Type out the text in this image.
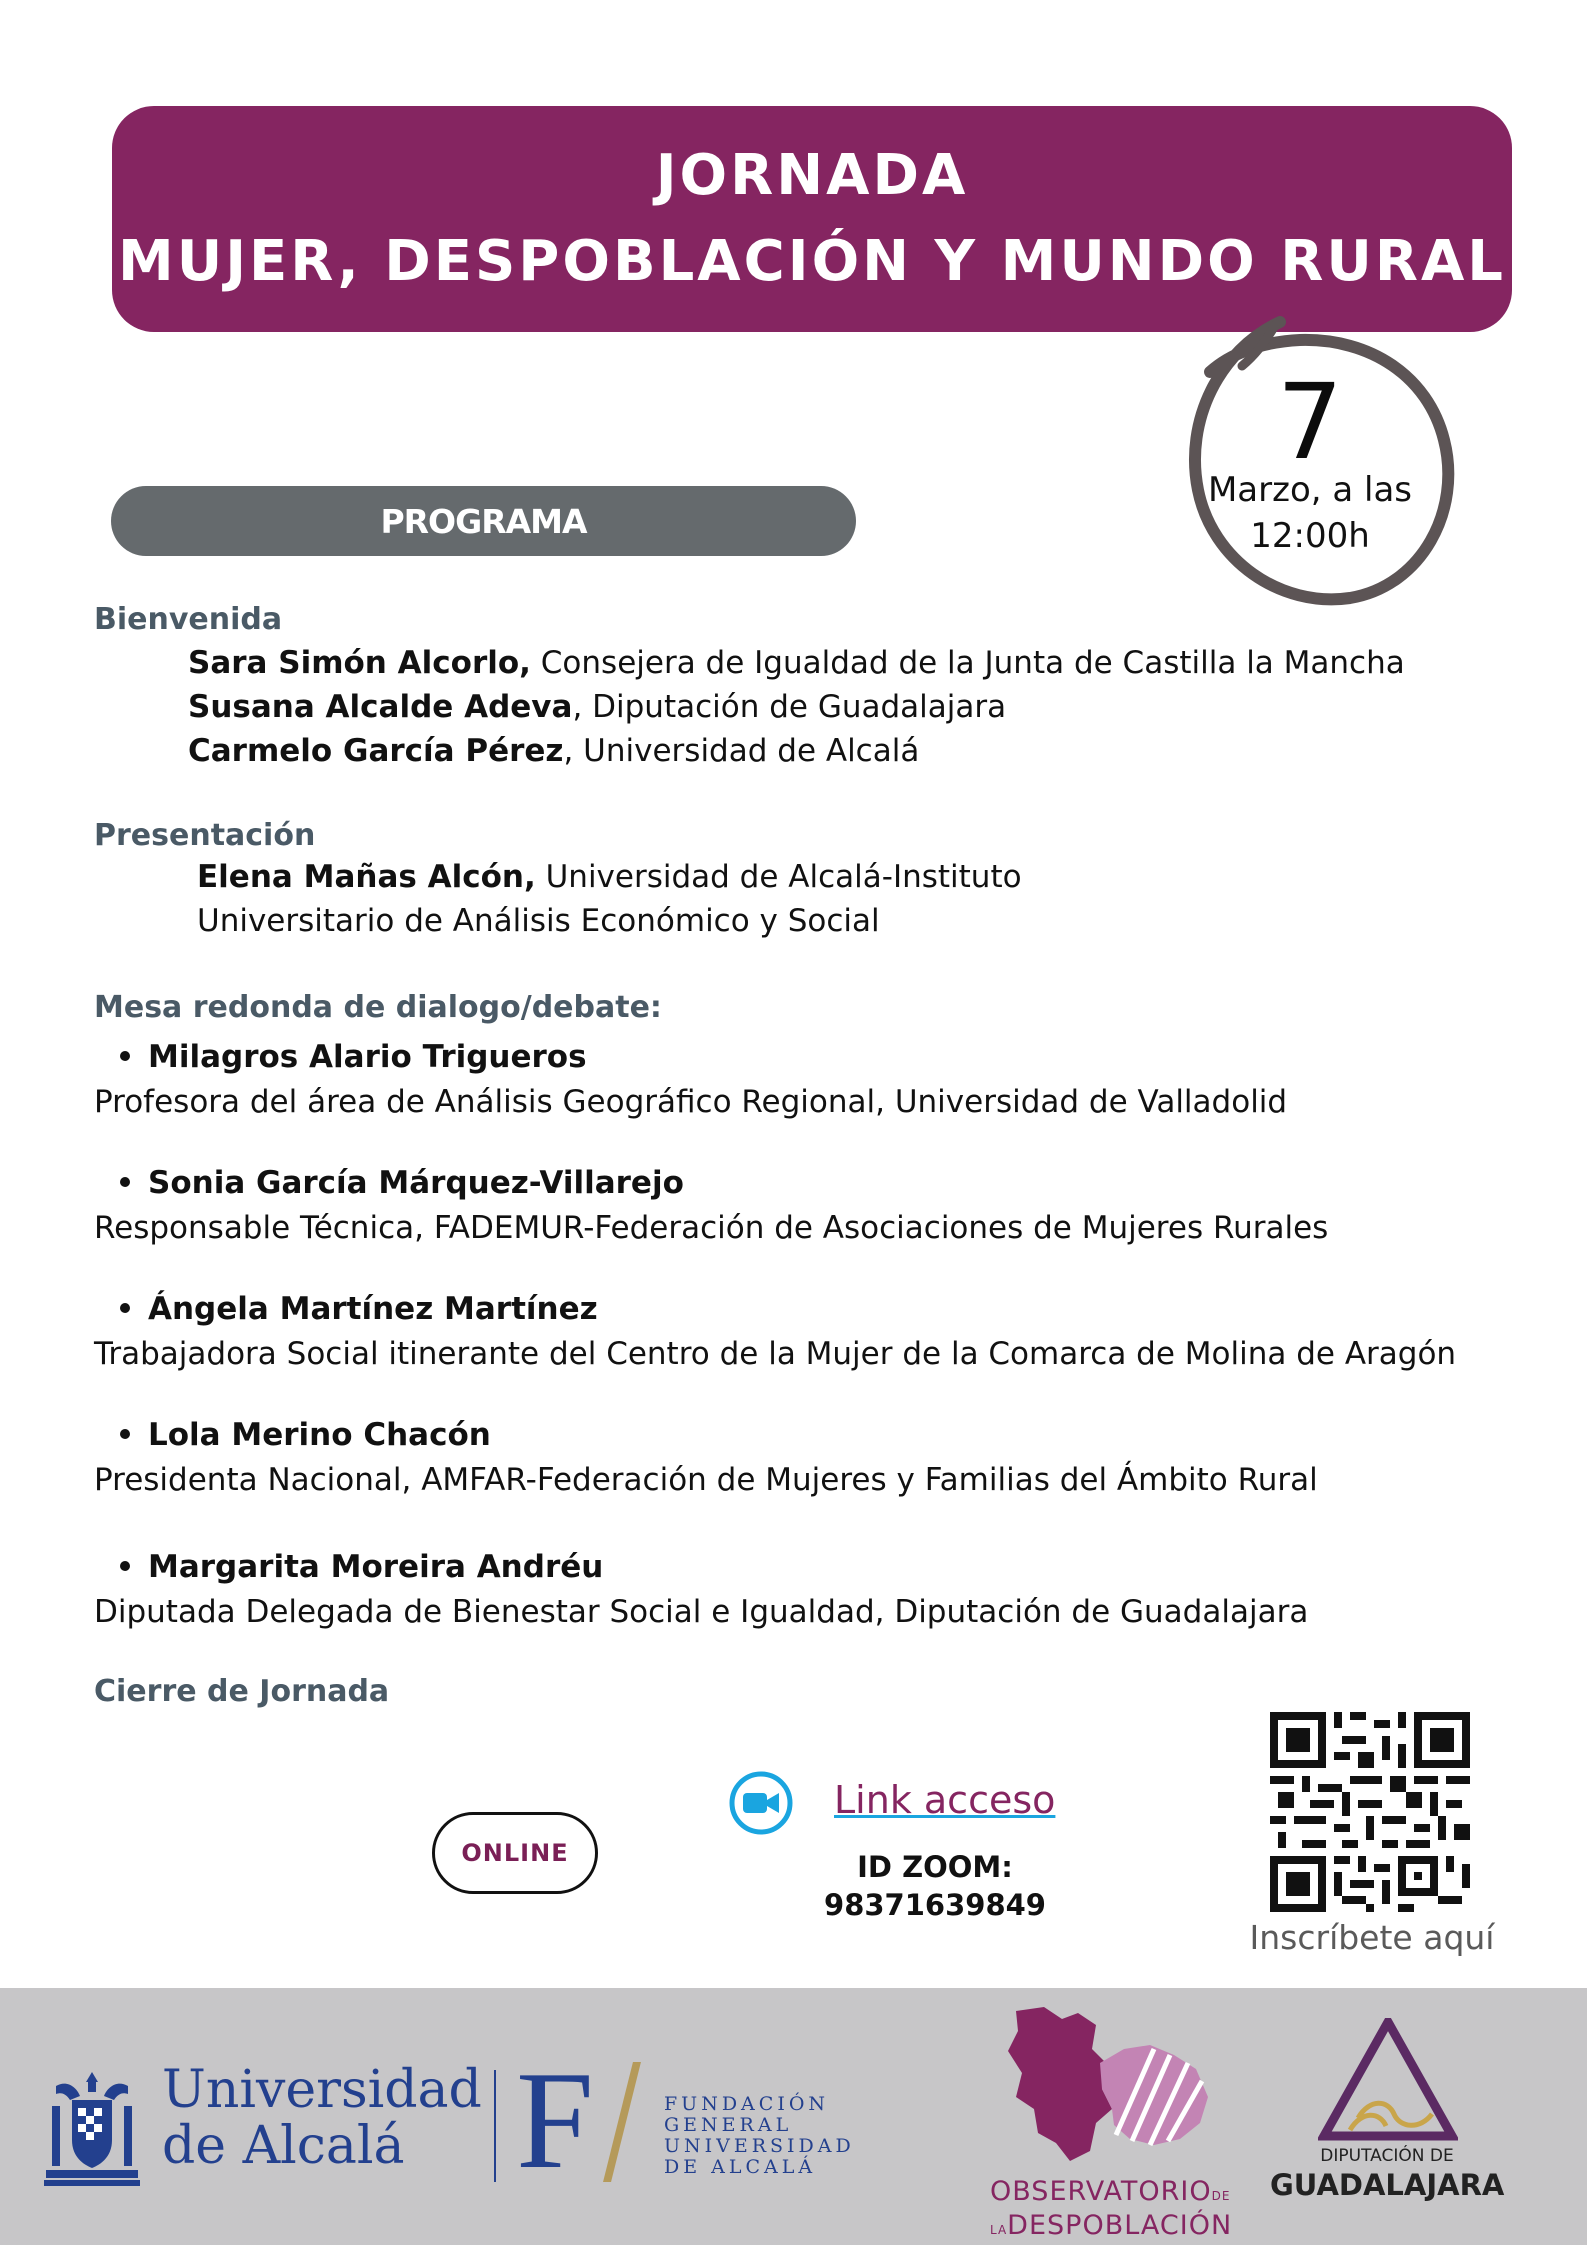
JORNADA
MUJER, DESPOBLACIÓN Y MUNDO RURAL
7
Marzo, a las
12:00h
PROGRAMA
Bienvenida
Sara Simón Alcorlo, Consejera de Igualdad de la Junta de Castilla la Mancha
Susana Alcalde Adeva, Diputación de Guadalajara
Carmelo García Pérez, Universidad de Alcalá
Presentación
Elena Mañas Alcón, Universidad de Alcalá-Instituto
Universitario de Análisis Económico y Social
Mesa redonda de dialogo/debate:
Milagros Alario Trigueros
Profesora del área de Análisis Geográfico Regional, Universidad de Valladolid
Sonia García Márquez-Villarejo
Responsable Técnica, FADEMUR-Federación de Asociaciones de Mujeres Rurales
Ángela Martínez Martínez
Trabajadora Social itinerante del Centro de la Mujer de la Comarca de Molina de Aragón
Lola Merino Chacón
Presidenta Nacional, AMFAR-Federación de Mujeres y Familias del Ámbito Rural
Margarita Moreira Andréu
Diputada Delegada de Bienestar Social e Igualdad, Diputación de Guadalajara
Cierre de Jornada
ONLINE
Link acceso
ID ZOOM:
98371639849
Inscríbete aquí
Universidad
de Alcalá F	FUNDACIÓN
GENERAL
UNIVERSIDAD
DE ALCALÁ
OBSERVATORIODE
LADESPOBLACIÓN
DIPUTACIÓN DE
GUADALAJARA
